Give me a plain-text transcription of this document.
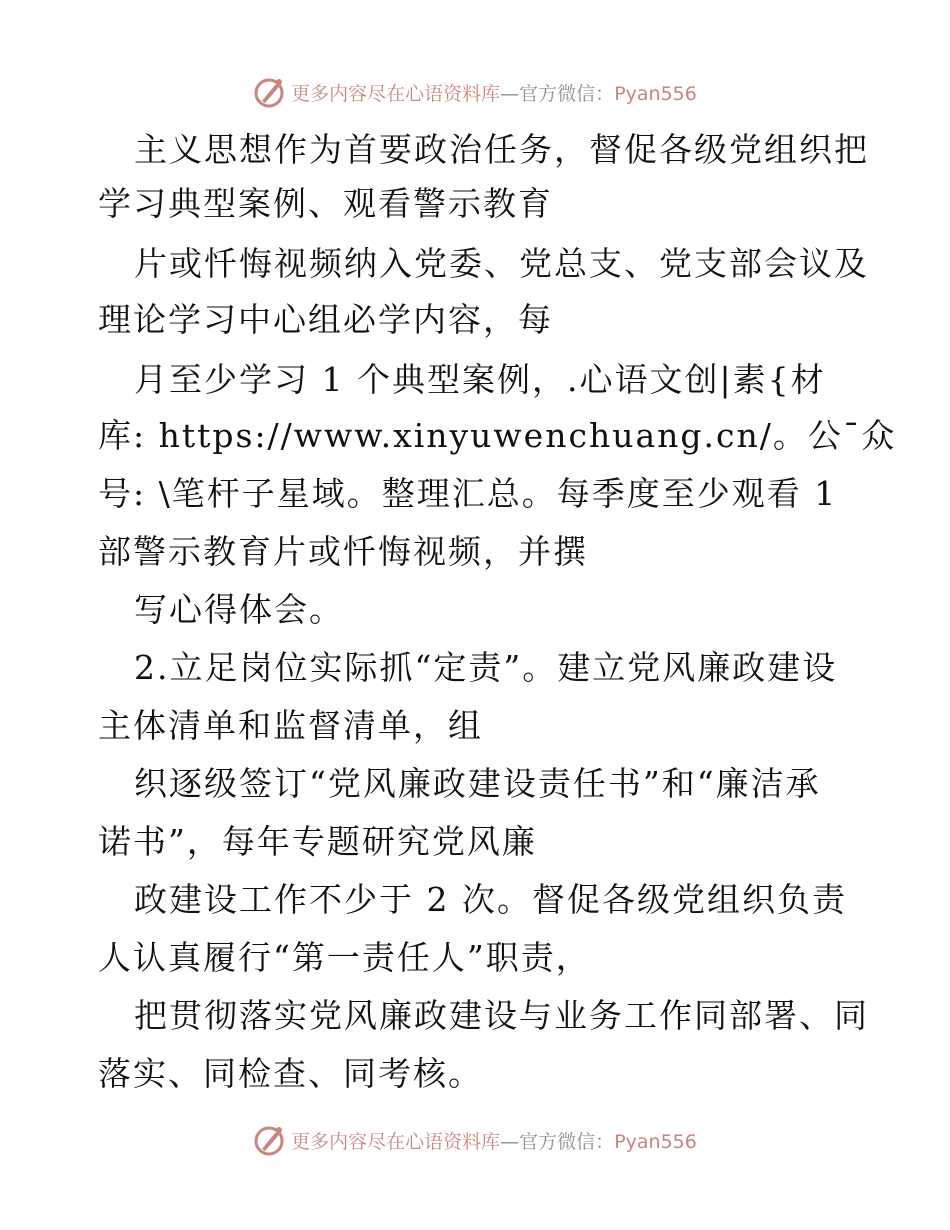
更多内容尽在心语资料库—官方微信：Pyan556
主义思想作为首要政治任务，督促各级党组织把
学习典型案例、观看警示教育
片或忏悔视频纳入党委、党总支、党支部会议及
理论学习中心组必学内容，每
月至少学习 1 个典型案例，.心语文创|素{材
库: https://www.xinyuwenchuang.cn/。公¯众
号: \笔杆子星域。整理汇总。每季度至少观看 1
部警示教育片或忏悔视频，并撰
写心得体会。
2.立足岗位实际抓“定责”。建立党风廉政建设
主体清单和监督清单，组
织逐级签订“党风廉政建设责任书”和“廉洁承
诺书”，每年专题研究党风廉
政建设工作不少于 2 次。督促各级党组织负责
人认真履行“第一责任人”职责，
把贯彻落实党风廉政建设与业务工作同部署、同
落实、同检查、同考核。
更多内容尽在心语资料库—官方微信：Pyan556
